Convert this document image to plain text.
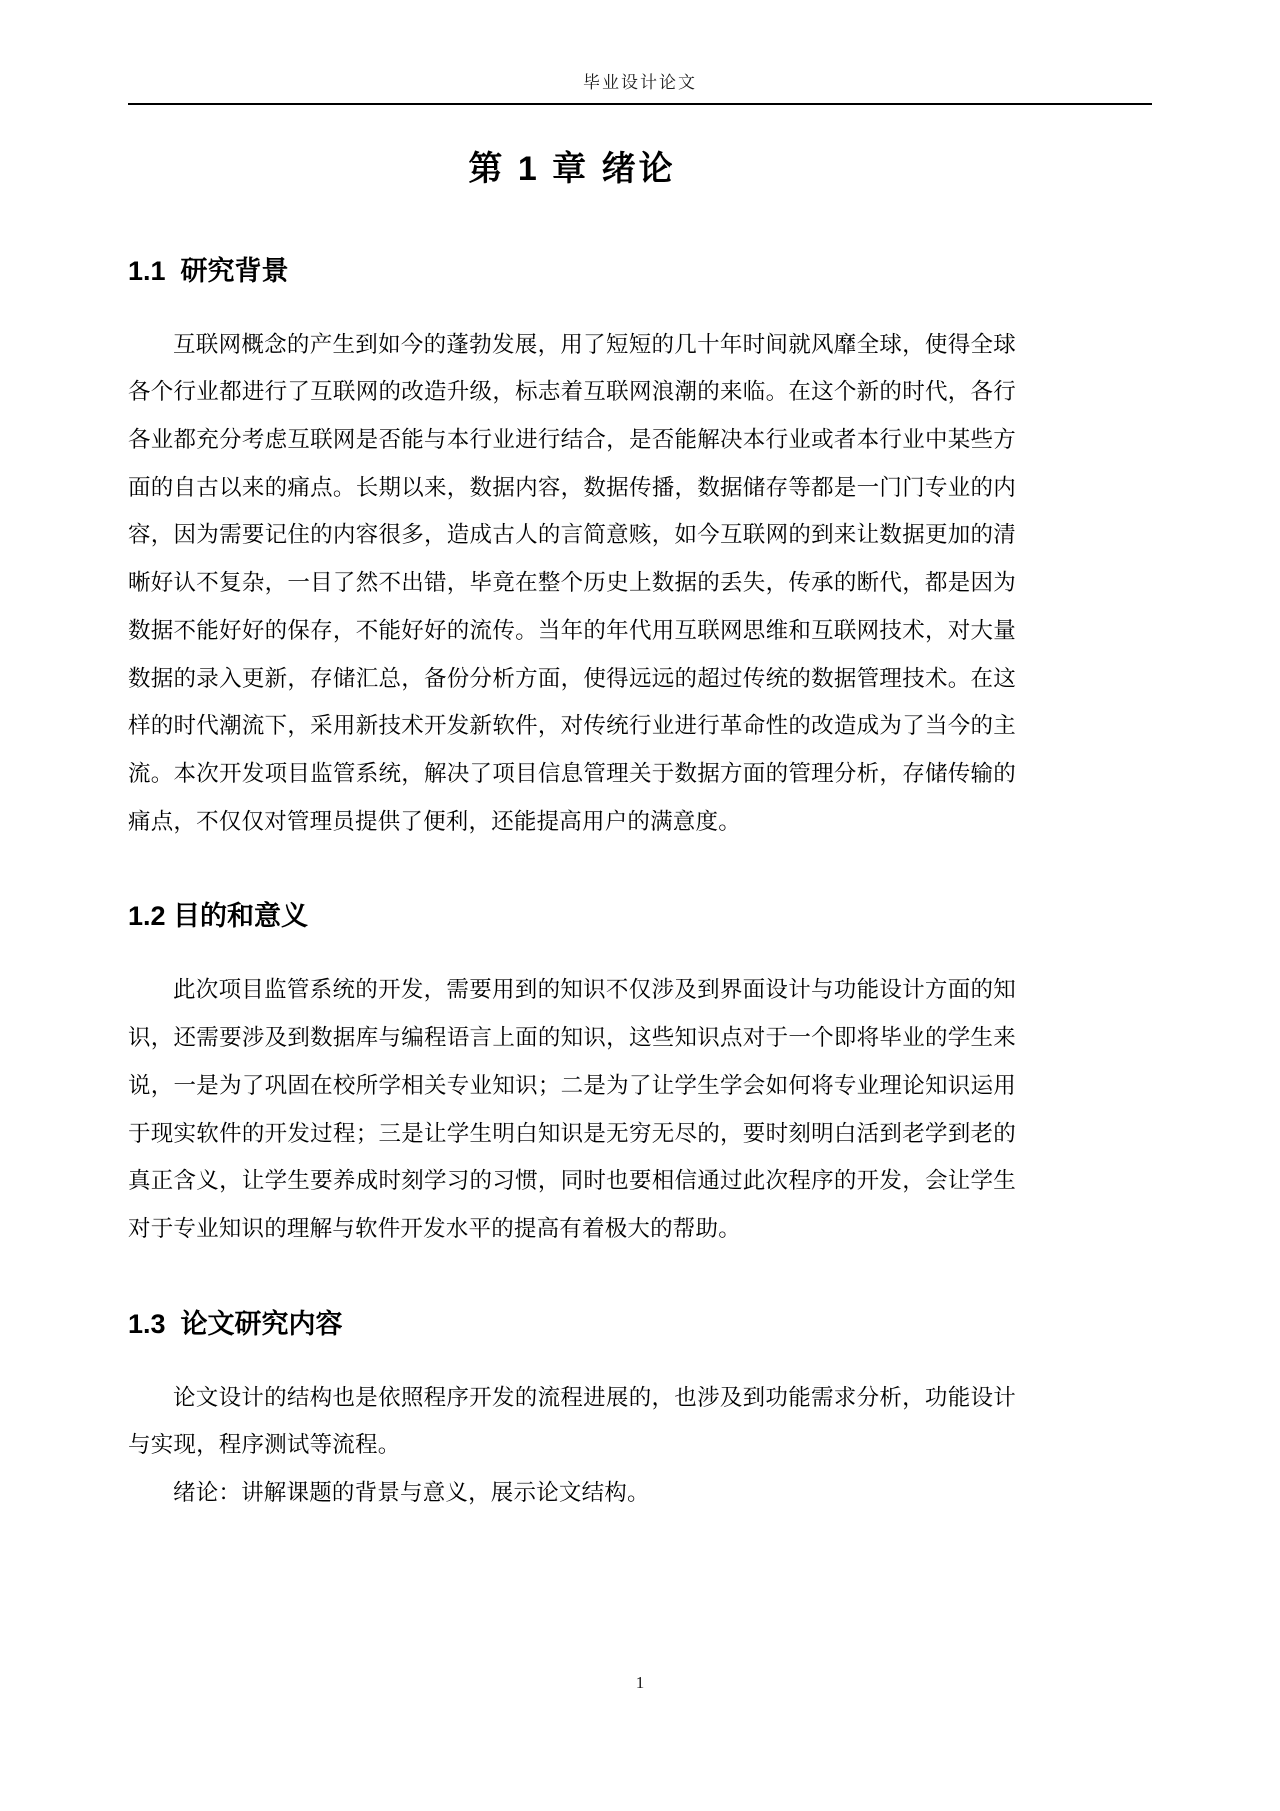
毕业设计论文
第 1 章 绪论
1.1  研究背景

互联网概念的产生到如今的蓬勃发展，用了短短的几十年时间就风靡全球，使得全球各个行业都进行了互联网的改造升级，标志着互联网浪潮的来临。在这个新的时代，各行各业都充分考虑互联网是否能与本行业进行结合，是否能解决本行业或者本行业中某些方面的自古以来的痛点。长期以来，数据内容，数据传播，数据储存等都是一门门专业的内容，因为需要记住的内容很多，造成古人的言简意赅，如今互联网的到来让数据更加的清晰好认不复杂，一目了然不出错，毕竟在整个历史上数据的丢失，传承的断代，都是因为数据不能好好的保存，不能好好的流传。当年的年代用互联网思维和互联网技术，对大量数据的录入更新，存储汇总，备份分析方面，使得远远的超过传统的数据管理技术。在这样的时代潮流下，采用新技术开发新软件，对传统行业进行革命性的改造成为了当今的主流。本次开发项目监管系统，解决了项目信息管理关于数据方面的管理分析，存储传输的痛点，不仅仅对管理员提供了便利，还能提高用户的满意度。

1.2 目的和意义

此次项目监管系统的开发，需要用到的知识不仅涉及到界面设计与功能设计方面的知识，还需要涉及到数据库与编程语言上面的知识，这些知识点对于一个即将毕业的学生来说，一是为了巩固在校所学相关专业知识；二是为了让学生学会如何将专业理论知识运用于现实软件的开发过程；三是让学生明白知识是无穷无尽的，要时刻明白活到老学到老的真正含义，让学生要养成时刻学习的习惯，同时也要相信通过此次程序的开发，会让学生对于专业知识的理解与软件开发水平的提高有着极大的帮助。

1.3  论文研究内容

论文设计的结构也是依照程序开发的流程进展的，也涉及到功能需求分析，功能设计与实现，程序测试等流程。

绪论：讲解课题的背景与意义，展示论文结构。

1
